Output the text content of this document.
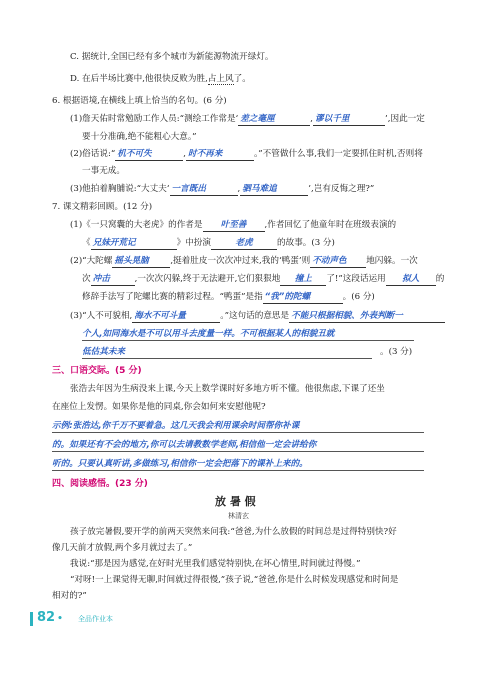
C. 据统计,全国已经有多个城市为新能源物流开绿灯。
D. 在后半场比赛中,他很快反败为胜,占上风了。
6. 根据语境,在横线上填上恰当的名句。(6 分)
(1)詹天佑时常勉励工作人员:“测绘工作常是‘ 差之毫厘	, 谬以千里	’,因此一定
要十分准确,绝不能粗心大意。”
(2)俗话说:“ 机不可失	, 时不再来	。”不管做什么事,我们一定要抓住时机,否则将
一事无成。
(3)他拍着胸脯说:“大丈夫‘ 一言既出	, 驷马难追	’,岂有反悔之理?”
7. 课文精彩回顾。(12 分)
(1)《一只窝囊的大老虎》的作者是 叶至善 ,作者回忆了他童年时在班级表演的
《 兄妹开荒记	》中扮演	老虎	的故事。(3 分)
(2)“大陀螺 摇头晃脑	,挺着肚皮一次次冲过来,我的‘鸭蛋’则 不动声色 地闪躲。一次
次 冲击	,一次次闪躲,终于无法避开,它们狠狠地 撞上 了!”这段话运用 拟人 的
修辞手法写了陀螺比赛的精彩过程。“鸭蛋”是指 “我”的陀螺	。(6 分)
(3)“人不可貌相, 海水不可斗量	。”这句话的意思是 不能只根据相貌、外表判断一
个人,如同海水是不可以用斗去度量一样。不可根据某人的相貌丑就
低估其未来	。(3 分)
三、口语交际。(5 分)
张浩去年因为生病没来上课,今天上数学课时好多地方听不懂。他很焦虑,下课了还坐
在座位上发愣。如果你是他的同桌,你会如何来安慰他呢?
示例:张浩达,你千万不要着急。这几天我会利用课余时间帮你补课
的。如果还有不会的地方,你可以去请教数学老师,相信他一定会讲给你
听的。只要认真听讲,多做练习,相信你一定会把落下的课补上来的。
四、阅读感悟。(23 分)
放 暑 假
林清玄
孩子放完暑假,要开学的前两天突然来问我:“爸爸,为什么放假的时间总是过得特别快?好
像几天前才放假,两个多月就过去了。”
我说:“那是因为感觉,在好时光里我们感觉特别快,在坏心情里,时间就过得慢。”
“对呀!一上课觉得无聊,时间就过得很慢,”孩子说,“爸爸,你是什么时候发现感觉和时间是
相对的?”
82 • 全品作业本
